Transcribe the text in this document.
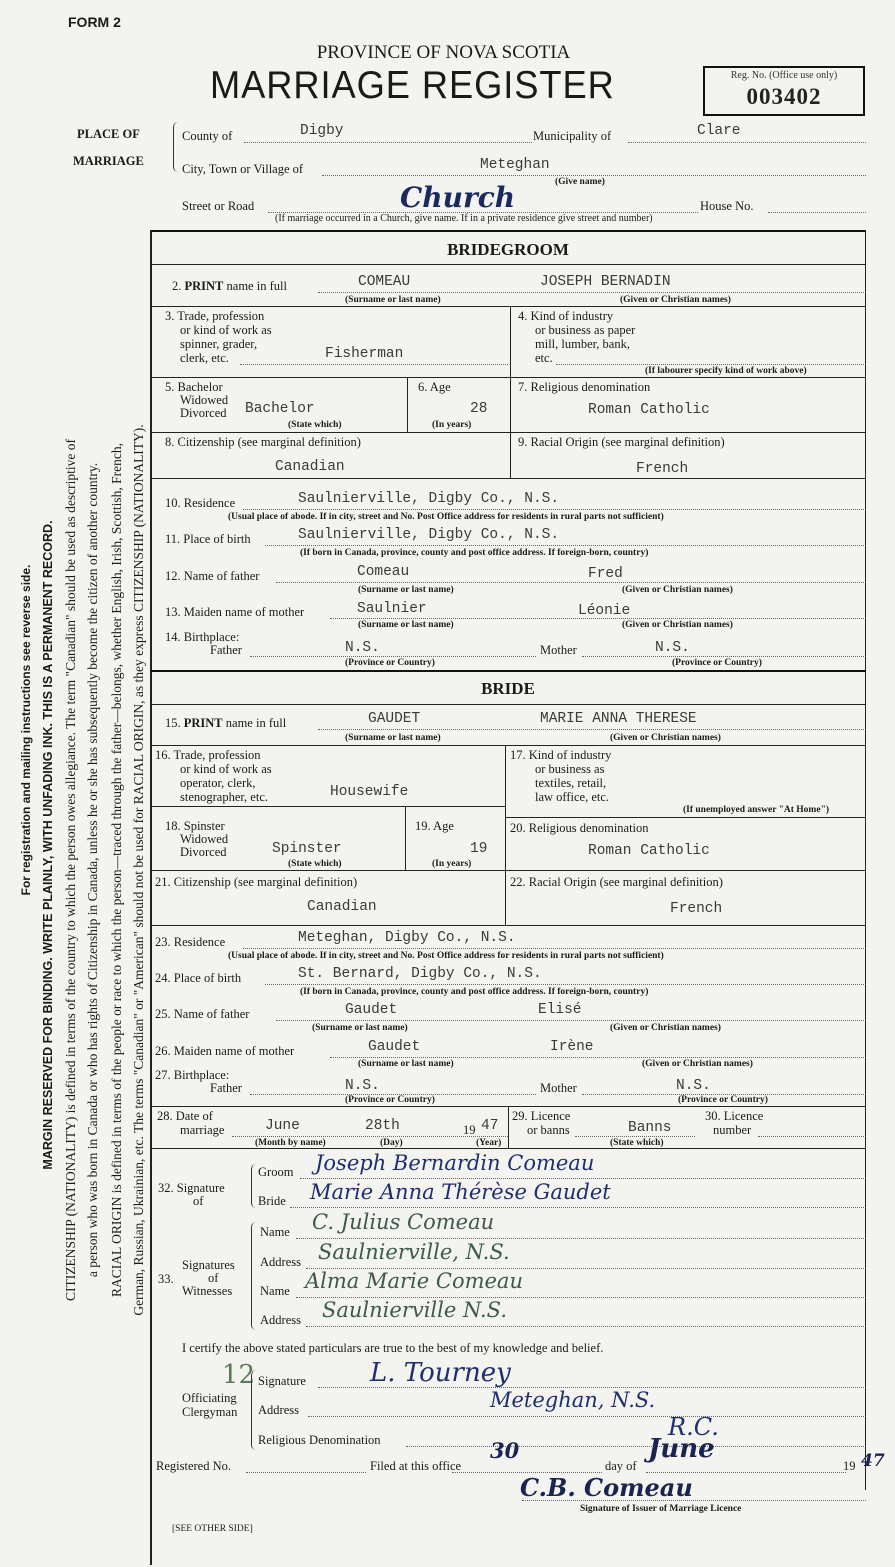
FORM 2
PROVINCE OF NOVA SCOTIA
MARRIAGE REGISTER	Reg. No. (Office use only)
003402
PLACE OF
MARRIAGE
County of	Digby	Municipality of	Clare
City, Town or Village of	Meteghan
(Give name)
Street or Road	Church	House No.
(If marriage occurred in a Church, give name. If in a private residence give street and number)
For registration and mailing instructions see reverse side. MARGIN RESERVED FOR BINDING. WRITE PLAINLY, WITH UNFADING INK. THIS IS A PERMANENT RECORD. CITIZENSHIP (NATIONALITY) is defined in terms of the country to which the person owes allegiance. The term "Canadian" should be used as descriptive of a person who was born in Canada or who has rights of Citizenship in Canada, unless he or she has subsequently become the citizen of another country. RACIAL ORIGIN is defined in terms of the people or race to which the person—traced through the father—belongs, whether English, Irish, Scottish, French, German, Russian, Ukrainian, etc. The terms "Canadian" or "American" should not be used for RACIAL ORIGIN, as they express CITIZENSHIP (NATIONALITY).
BRIDEGROOM
2. PRINT name in full	COMEAU	JOSEPH BERNADIN
(Surname or last name)	(Given or Christian names)
3. Trade, profession
or kind of work as
spinner, grader,
clerk, etc.	Fisherman
4. Kind of industry
or business as paper
mill, lumber, bank,
etc.
(If labourer specify kind of work above)
5. Bachelor
Widowed
Divorced Bachelor
(State which)
6. Age
28
(In years)
7. Religious denomination
Roman Catholic
8. Citizenship (see marginal definition)
Canadian
9. Racial Origin (see marginal definition)
French
10. Residence	Saulnierville, Digby Co., N.S.
(Usual place of abode. If in city, street and No. Post Office address for residents in rural parts not sufficient)
11. Place of birth	Saulnierville, Digby Co., N.S.
(If born in Canada, province, county and post office address. If foreign-born, country)
12. Name of father	Comeau	Fred
(Surname or last name)	(Given or Christian names)
13. Maiden name of mother	Saulnier	Léonie
(Surname or last name)	(Given or Christian names)
14. Birthplace:
Father	N.S.	Mother	N.S.
(Province or Country)	(Province or Country)
BRIDE
15. PRINT name in full	GAUDET	MARIE ANNA THERESE
(Surname or last name)	(Given or Christian names)
16. Trade, profession
or kind of work as
operator, clerk,
stenographer, etc.	Housewife
17. Kind of industry
or business as
textiles, retail,
law office, etc.
(If unemployed answer "At Home")
18. Spinster
Widowed
Divorced	Spinster
(State which)
19. Age
19
(In years)
20. Religious denomination
Roman Catholic
21. Citizenship (see marginal definition)
Canadian
22. Racial Origin (see marginal definition)
French
23. Residence	Meteghan, Digby Co., N.S.
(Usual place of abode. If in city, street and No. Post Office address for residents in rural parts not sufficient)
24. Place of birth	St. Bernard, Digby Co., N.S.
(If born in Canada, province, county and post office address. If foreign-born, country)
25. Name of father	Gaudet	Elisé
(Surname or last name)	(Given or Christian names)
26. Maiden name of mother	Gaudet	Irène
(Surname or last name)	(Given or Christian names)
27. Birthplace:
Father	N.S.	Mother	N.S.
(Province or Country)	(Province or Country)
28. Date of
marriage	June	28th	19 47
(Month by name)	(Day)	(Year)
29. Licence
or banns	Banns
(State which)
30. Licence
number
32. Signature
of
Groom Joseph Bernardin Comeau
Bride Marie Anna Thérèse Gaudet
33.
Signatures
of
Witnesses
Name C. Julius Comeau
Address Saulnierville, N.S.
Name Alma Marie Comeau
Address Saulnierville N.S.
I certify the above stated particulars are true to the best of my knowledge and belief.
12
Officiating
Clergyman
Signature L. Tourney
Address	Meteghan, N.S.
Religious Denomination	R.C.
Registered No.	Filed at this office
30
day of
June
19 47
C.B. Comeau
Signature of Issuer of Marriage Licence
[SEE OTHER SIDE]
